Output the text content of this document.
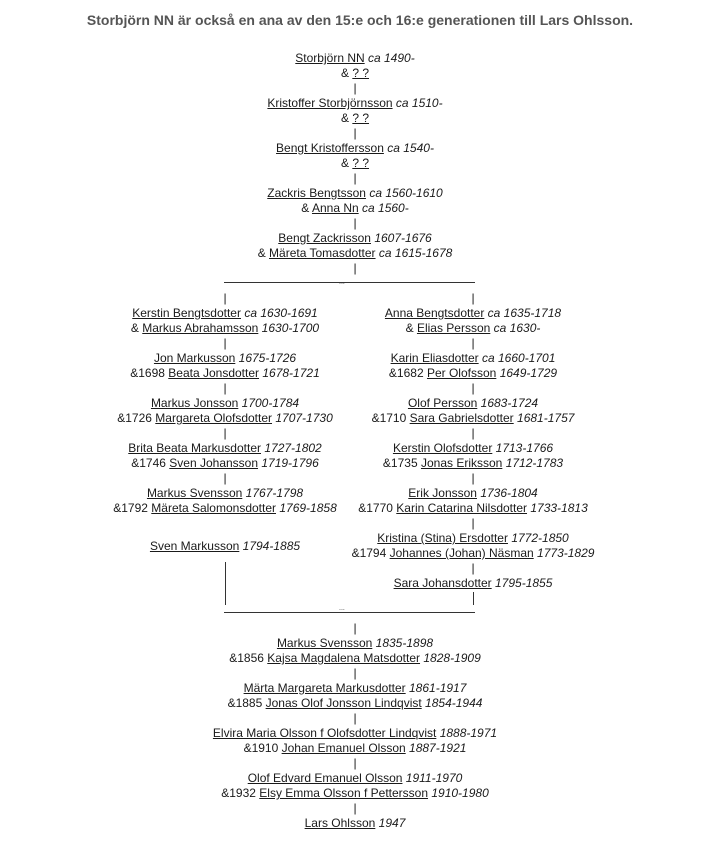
Storbjörn NN är också en ana av den 15:e och 16:e generationen till Lars Ohlsson.
Storbjörn NN ca 1490-
& ? ?
|
Kristoffer Storbjörnsson ca 1510-
& ? ?
|
Bengt Kristoffersson ca 1540-
& ? ?
|
Zackris Bengtsson ca 1560-1610
& Anna Nn ca 1560-
|
Bengt Zackrisson 1607-1676
& Märeta Tomasdotter ca 1615-1678
|
...
|
Kerstin Bengtsdotter ca 1630-1691
& Markus Abrahamsson 1630-1700
|
Jon Markusson 1675-1726
&1698 Beata Jonsdotter 1678-1721
|
Markus Jonsson 1700-1784
&1726 Margareta Olofsdotter 1707-1730
|
Brita Beata Markusdotter 1727-1802
&1746 Sven Johansson 1719-1796
|
Markus Svensson 1767-1798
&1792 Märeta Salomonsdotter 1769-1858
Sven Markusson 1794-1885
|
Anna Bengtsdotter ca 1635-1718
& Elias Persson ca 1630-
|
Karin Eliasdotter ca 1660-1701
&1682 Per Olofsson 1649-1729
|
Olof Persson 1683-1724
&1710 Sara Gabrielsdotter 1681-1757
|
Kerstin Olofsdotter 1713-1766
&1735 Jonas Eriksson 1712-1783
|
Erik Jonsson 1736-1804
&1770 Karin Catarina Nilsdotter 1733-1813
|
Kristina (Stina) Ersdotter 1772-1850
&1794 Johannes (Johan) Näsman 1773-1829
|
Sara Johansdotter 1795-1855
...
|
Markus Svensson 1835-1898
&1856 Kajsa Magdalena Matsdotter 1828-1909
|
Märta Margareta Markusdotter 1861-1917
&1885 Jonas Olof Jonsson Lindqvist 1854-1944
|
Elvira Maria Olsson f Olofsdotter Lindqvist 1888-1971
&1910 Johan Emanuel Olsson 1887-1921
|
Olof Edvard Emanuel Olsson 1911-1970
&1932 Elsy Emma Olsson f Pettersson 1910-1980
|
Lars Ohlsson 1947
